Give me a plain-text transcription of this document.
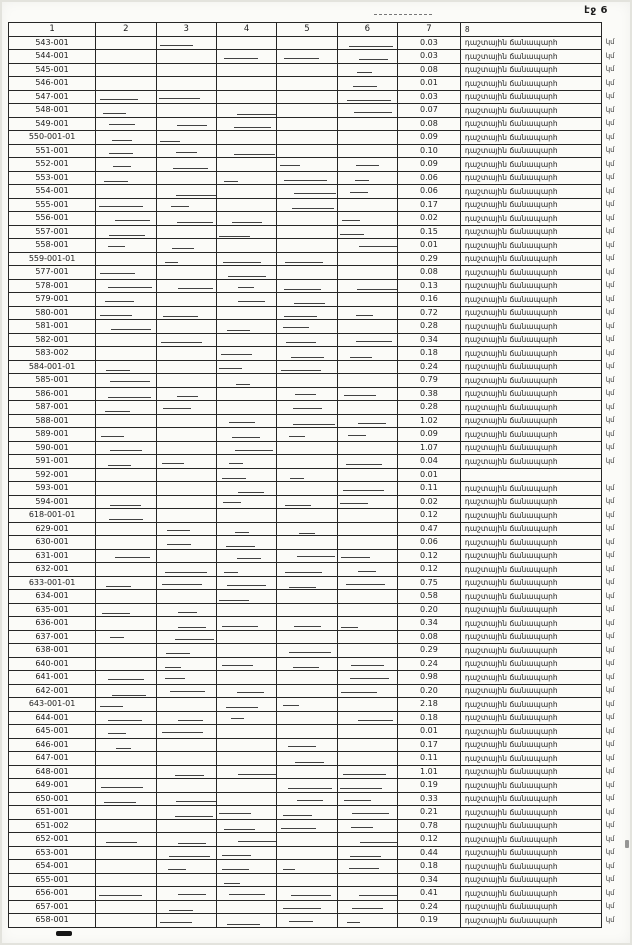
էջ 6
1	2	3	4	5	6	7	8	
543-001						0.03	դաշտային ճանապարհ	կմ
544-001						0.03	դաշտային ճանապարհ	կմ
545-001						0.08	դաշտային ճանապարհ	կմ
546-001						0.01	դաշտային ճանապարհ	կմ
547-001						0.03	դաշտային ճանապարհ	կմ
548-001						0.07	դաշտային ճանապարհ	կմ
549-001						0.08	դաշտային ճանապարհ	կմ
550-001-01						0.09	դաշտային ճանապարհ	կմ
551-001						0.10	դաշտային ճանապարհ	կմ
552-001						0.09	դաշտային ճանապարհ	կմ
553-001						0.06	դաշտային ճանապարհ	կմ
554-001						0.06	դաշտային ճանապարհ	կմ
555-001						0.17	դաշտային ճանապարհ	կմ
556-001						0.02	դաշտային ճանապարհ	կմ
557-001						0.15	դաշտային ճանապարհ	կմ
558-001						0.01	դաշտային ճանապարհ	կմ
559-001-01						0.29	դաշտային ճանապարհ	կմ
577-001						0.08	դաշտային ճանապարհ	կմ
578-001						0.13	դաշտային ճանապարհ	կմ
579-001						0.16	դաշտային ճանապարհ	կմ
580-001						0.72	դաշտային ճանապարհ	կմ
581-001						0.28	դաշտային ճանապարհ	կմ
582-001						0.34	դաշտային ճանապարհ	կմ
583-002						0.18	դաշտային ճանապարհ	կմ
584-001-01						0.24	դաշտային ճանապարհ	կմ
585-001						0.79	դաշտային ճանապարհ	կմ
586-001						0.38	դաշտային ճանապարհ	կմ
587-001						0.28	դաշտային ճանապարհ	կմ
588-001						1.02	դաշտային ճանապարհ	կմ
589-001						0.09	դաշտային ճանապարհ	կմ
590-001						1.07	դաշտային ճանապարհ	կմ
591-001						0.04	դաշտային ճանապարհ	կմ
592-001						0.01		
593-001						0.11	դաշտային ճանապարհ	կմ
594-001						0.02	դաշտային ճանապարհ	կմ
618-001-01						0.12	դաշտային ճանապարհ	կմ
629-001						0.47	դաշտային ճանապարհ	կմ
630-001						0.06	դաշտային ճանապարհ	կմ
631-001						0.12	դաշտային ճանապարհ	կմ
632-001						0.12	դաշտային ճանապարհ	կմ
633-001-01						0.75	դաշտային ճանապարհ	կմ
634-001						0.58	դաշտային ճանապարհ	կմ
635-001						0.20	դաշտային ճանապարհ	կմ
636-001						0.34	դաշտային ճանապարհ	կմ
637-001						0.08	դաշտային ճանապարհ	կմ
638-001						0.29	դաշտային ճանապարհ	կմ
640-001						0.24	դաշտային ճանապարհ	կմ
641-001						0.98	դաշտային ճանապարհ	կմ
642-001						0.20	դաշտային ճանապարհ	կմ
643-001-01						2.18	դաշտային ճանապարհ	կմ
644-001						0.18	դաշտային ճանապարհ	կմ
645-001						0.01	դաշտային ճանապարհ	կմ
646-001						0.17	դաշտային ճանապարհ	կմ
647-001						0.11	դաշտային ճանապարհ	կմ
648-001						1.01	դաշտային ճանապարհ	կմ
649-001						0.19	դաշտային ճանապարհ	կմ
650-001						0.33	դաշտային ճանապարհ	կմ
651-001						0.21	դաշտային ճանապարհ	կմ
651-002						0.78	դաշտային ճանապարհ	կմ
652-001						0.12	դաշտային ճանապարհ	կմ
653-001						0.44	դաշտային ճանապարհ	կմ
654-001						0.18	դաշտային ճանապարհ	կմ
655-001						0.34	դաշտային ճանապարհ	կմ
656-001						0.41	դաշտային ճանապարհ	կմ
657-001						0.24	դաշտային ճանապարհ	կմ
658-001						0.19	դաշտային ճանապարհ	կմ
